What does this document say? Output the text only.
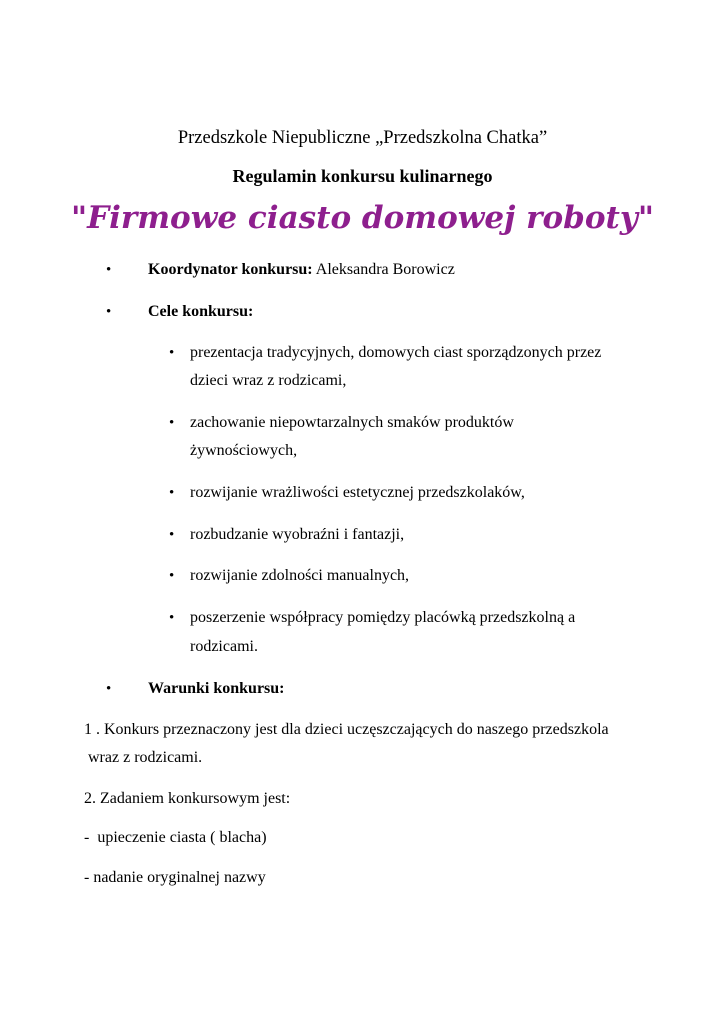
Przedszkole Niepubliczne „Przedszkolna Chatka”
Regulamin konkursu kulinarnego
"Firmowe ciasto domowej roboty"
• Koordynator konkursu: Aleksandra Borowicz
• Cele konkursu:
• prezentacja tradycyjnych, domowych ciast sporządzonych przez
dzieci wraz z rodzicami,
• zachowanie niepowtarzalnych smaków produktów
żywnościowych,
• rozwijanie wrażliwości estetycznej przedszkolaków,
• rozbudzanie wyobraźni i fantazji,
• rozwijanie zdolności manualnych,
• poszerzenie współpracy pomiędzy placówką przedszkolną a
rodzicami.
• Warunki konkursu:
1 . Konkurs przeznaczony jest dla dzieci uczęszczających do naszego przedszkola
wraz z rodzicami.
2. Zadaniem konkursowym jest:
-  upieczenie ciasta ( blacha)
- nadanie oryginalnej nazwy
